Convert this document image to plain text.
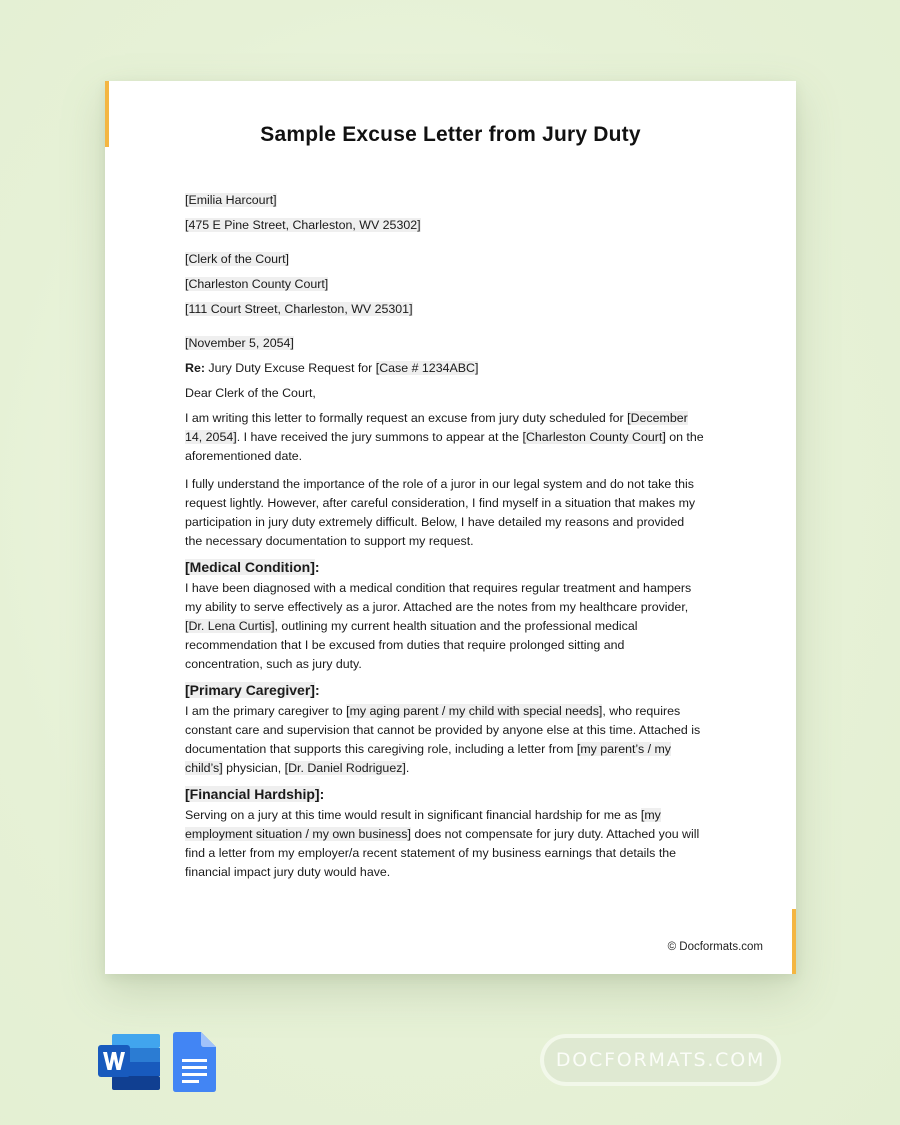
Sample Excuse Letter from Jury Duty
[Emilia Harcourt]
[475 E Pine Street, Charleston, WV 25302]
[Clerk of the Court]
[Charleston County Court]
[111 Court Street, Charleston, WV 25301]
[November 5, 2054]
Re: Jury Duty Excuse Request for [Case # 1234ABC]
Dear Clerk of the Court,
I am writing this letter to formally request an excuse from jury duty scheduled for [December
14, 2054]. I have received the jury summons to appear at the [Charleston County Court] on the
aforementioned date.
I fully understand the importance of the role of a juror in our legal system and do not take this
request lightly. However, after careful consideration, I find myself in a situation that makes my
participation in jury duty extremely difficult. Below, I have detailed my reasons and provided
the necessary documentation to support my request.
[Medical Condition]:
I have been diagnosed with a medical condition that requires regular treatment and hampers
my ability to serve effectively as a juror. Attached are the notes from my healthcare provider,
[Dr. Lena Curtis], outlining my current health situation and the professional medical
recommendation that I be excused from duties that require prolonged sitting and
concentration, such as jury duty.
[Primary Caregiver]:
I am the primary caregiver to [my aging parent / my child with special needs], who requires
constant care and supervision that cannot be provided by anyone else at this time. Attached is
documentation that supports this caregiving role, including a letter from [my parent’s / my
child’s] physician, [Dr. Daniel Rodriguez].
[Financial Hardship]:
Serving on a jury at this time would result in significant financial hardship for me as [my
employment situation / my own business] does not compensate for jury duty. Attached you will
find a letter from my employer/a recent statement of my business earnings that details the
financial impact jury duty would have.
© Docformats.com
DOCFORMATS.COM
